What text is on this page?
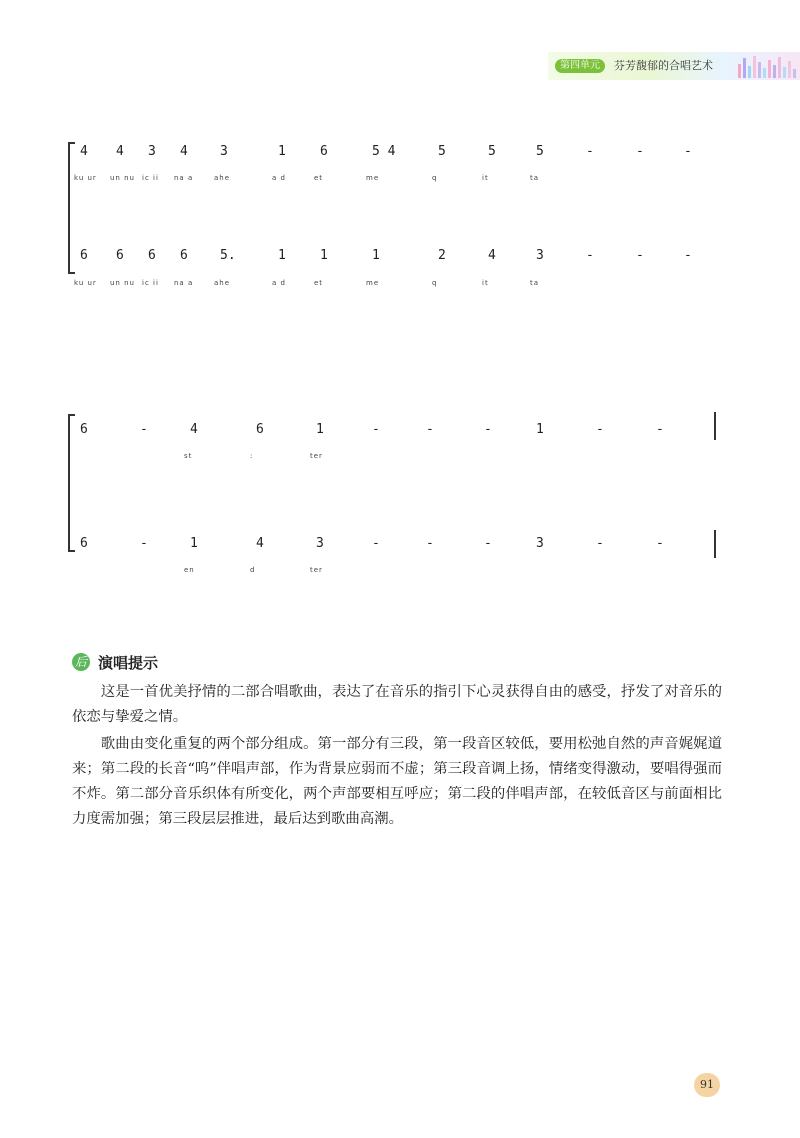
第四单元	芬芳馥郁的合唱艺术
4 4 3 4 3	1	6	5 4	5	5	5	-	-	-
ku ur un nu ic ii na a	ahe	a d	et	me	q	it	ta
6 6 6 6 5.	1	1	1	2	4	3	-	-	-
ku ur un nu ic ii na a	ahe	a d	et	me	q	it	ta
6	-	4	6	1	-	-	-	1	-	-
st	:	ter
6	-	1	4	3	-	-	-	3	-	-
en	d	ter
后 演唱提示

这是一首优美抒情的二部合唱歌曲，表达了在音乐的指引下心灵获得自由的感受，抒发了对音乐的依恋与挚爱之情。

歌曲由变化重复的两个部分组成。第一部分有三段，第一段音区较低，要用松弛自然的声音娓娓道来；第二段的长音“呜”伴唱声部，作为背景应弱而不虚；第三段音调上扬，情绪变得激动，要唱得强而不炸。第二部分音乐织体有所变化，两个声部要相互呼应；第二段的伴唱声部，在较低音区与前面相比力度需加强；第三段层层推进，最后达到歌曲高潮。

91
